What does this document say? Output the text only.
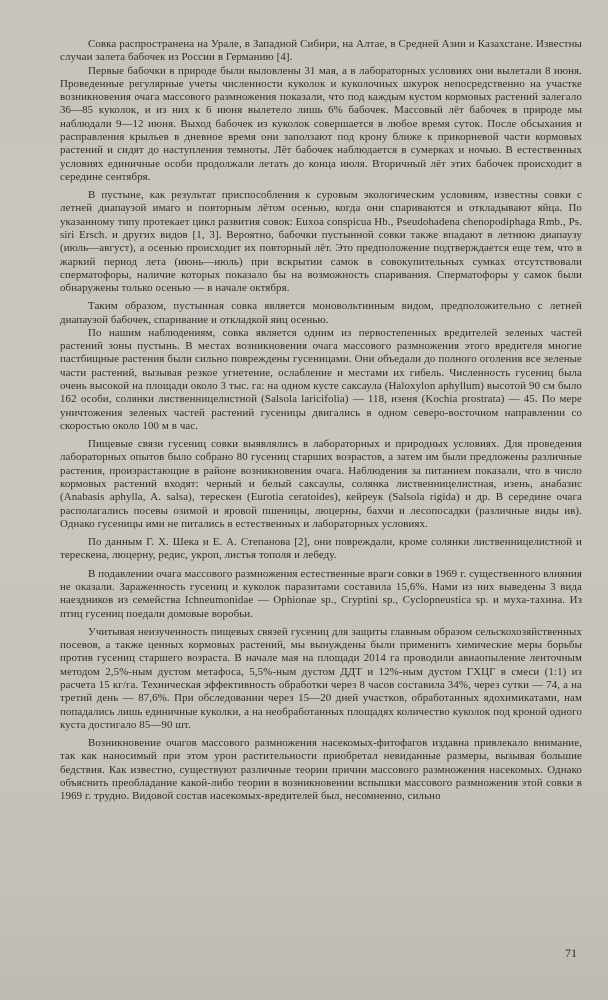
Совка распространена на Урале, в Западной Сибири, на Алтае, в Средней Азии и Казахстане. Известны случаи залета бабочек из России в Германию [4].

Первые бабочки в природе были выловлены 31 мая, а в лабораторных условиях они вылетали 8 июня. Проведенные регулярные учеты численности куколок и куколочных шкурок непосредственно на участке возникновения очага массового размножения показали, что под каждым кустом кормовых растений залегало 36—85 куколок, и из них к 6 июня вылетело лишь 6% бабочек. Массовый лёт бабочек в природе мы наблюдали 9—12 июня. Выход бабочек из куколок совершается в любое время суток. После обсыхания и расправления крыльев в дневное время они заползают под крону ближе к прикорневой части кормовых растений и сидят до наступления темноты. Лёт бабочек наблюдается в сумерках и ночью. В естественных условиях единичные особи продолжали летать до конца июля. Вторичный лёт этих бабочек происходит в середине сентября.

В пустыне, как результат приспособления к суровым экологическим условиям, известны совки с летней диапаузой имаго и повторным лётом осенью, когда они спариваются и откладывают яйца. По указанному типу протекает цикл развития совок: Euxoa conspicua Hb., Pseudohadena chenopodiphaga Rmb., Ps. siri Ersch. и других видов [1, 3]. Вероятно, бабочки пустынной совки также впадают в летнюю диапаузу (июль—август), а осенью происходит их повторный лёт. Это предположение подтверждается еще тем, что в жаркий период лета (июнь—июль) при вскрытии самок в совокупительных сумках отсутствовали сперматофоры, наличие которых показало бы на возможность спаривания. Сперматофоры у самок были обнаружены только осенью — в начале октября.

Таким образом, пустынная совка является моновольтинным видом, предположительно с летней диапаузой бабочек, спаривание и откладкой яиц осенью.

По нашим наблюдениям, совка является одним из первостепенных вредителей зеленых частей растений зоны пустынь. В местах возникновения очага массового размножения этого вредителя многие пастбищные растения были сильно повреждены гусеницами. Они объедали до полного оголения все зеленые части растений, вызывая резкое угнетение, ослабление и местами их гибель. Численность гусениц была очень высокой на площади около 3 тыс. га: на одном кусте саксаула (Haloxylon aphyllum) высотой 90 см было 162 особи, солянки лиственницелистной (Salsola laricifolia) — 118, изеня (Kochia prostrata) — 45. По мере уничтожения зеленых частей растений гусеницы двигались в одном северо-восточном направлении со скоростью около 100 м в час.

Пищевые связи гусениц совки выявлялись в лабораторных и природных условиях. Для проведения лабораторных опытов было собрано 80 гусениц старших возрастов, а затем им были предложены различные растения, произрастающие в районе возникновения очага. Наблюдения за питанием показали, что в число кормовых растений входят: черный и белый саксаулы, солянка лиственницелистная, изень, анабазис (Anabasis aphylla, A. salsa), терескен (Eurotia ceratoides), кейреук (Salsola rigida) и др. В середине очага располагались посевы озимой и яровой пшеницы, люцерны, бахчи и лесопосадки (различные виды ив). Однако гусеницы ими не питались в естественных и лабораторных условиях.

По данным Г. Х. Шека и Е. А. Степанова [2], они повреждали, кроме солянки лиственницелистной и терескена, люцерну, редис, укроп, листья тополя и лебеду.

В подавлении очага массового размножения естественные враги совки в 1969 г. существенного влияния не оказали. Зараженность гусениц и куколок паразитами составила 15,6%. Нами из них выведены 3 вида наездников из семейства Ichneumonidae — Ophionae sp., Cryptini sp., Cyclopneustica sp. и муха-тахина. Из птиц гусениц поедали домовые воробьи.

Учитывая неизученность пищевых связей гусениц для защиты главным образом сельскохозяйственных посевов, а также ценных кормовых растений, мы вынуждены были применить химические меры борьбы против гусениц старшего возраста. В начале мая на площади 2014 га проводили авиаопыление ленточным методом 2,5%-ным дустом метафоса, 5,5%-ным дустом ДДТ и 12%-ным дустом ГХЦГ в смеси (1:1) из расчета 15 кг/га. Техническая эффективность обработки через 8 часов составила 34%, через сутки — 74, а на третий день — 87,6%. При обследовании через 15—20 дней участков, обработанных ядохимикатами, нам попадались лишь единичные куколки, а на необработанных площадях количество куколок под кроной одного куста достигало 85—90 шт.

Возникновение очагов массового размножения насекомых-фитофагов издавна привлекало внимание, так как наносимый при этом урон растительности приобретал невиданные размеры, вызывая большие бедствия. Как известно, существуют различные теории причин массового размножения насекомых. Однако объяснить преобладание какой-либо теории в возникновении вспышки массового размножения этой совки в 1969 г. трудно. Видовой состав насекомых-вредителей был, несомненно, сильно

71
